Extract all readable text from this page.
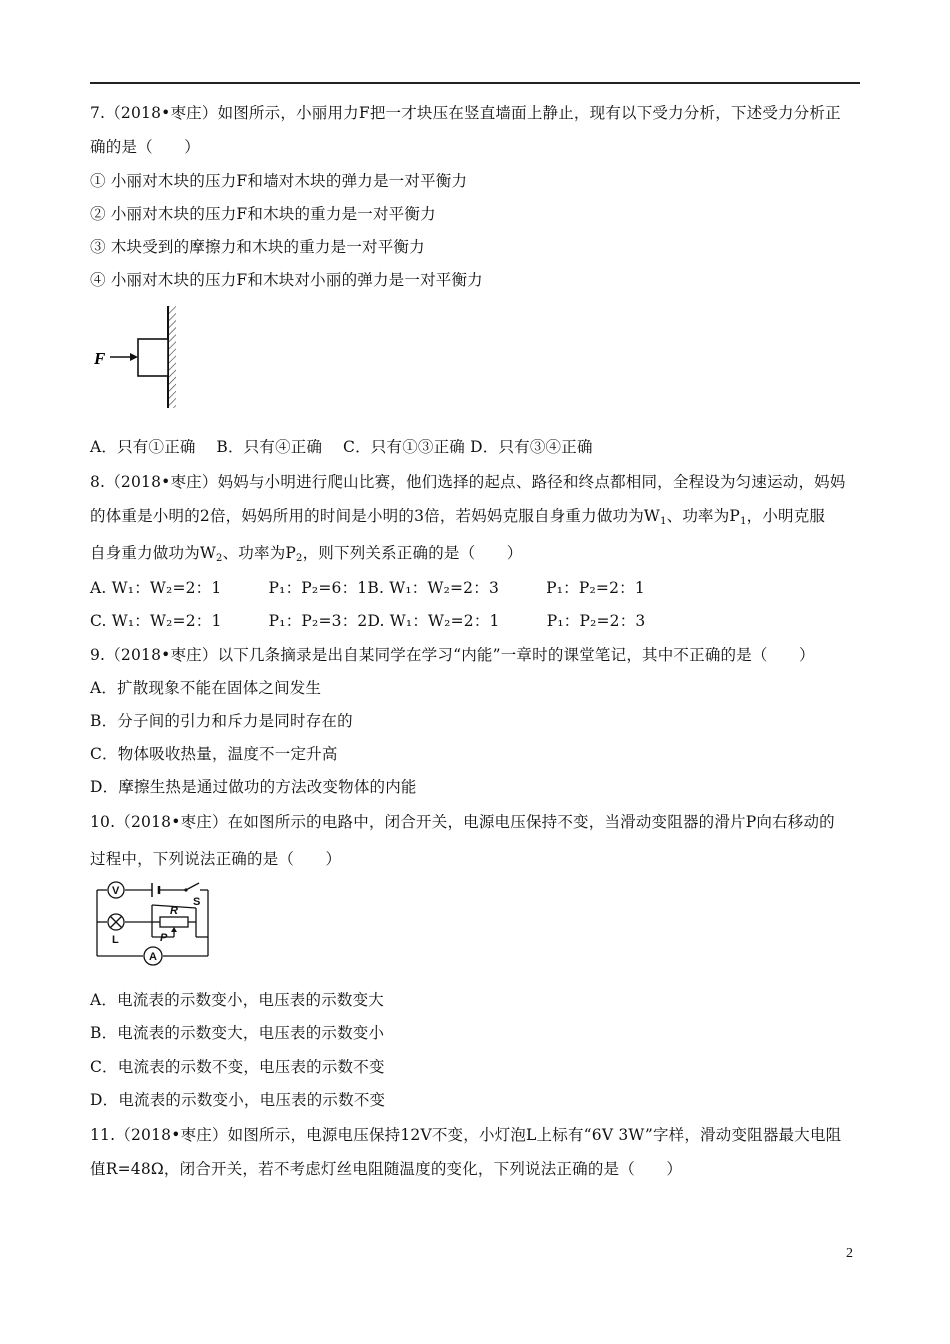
7.（2018•枣庄）如图所示，小丽用力F把一才块压在竖直墙面上静止，现有以下受力分析，下述受力分析正
确的是（　　）
① 小丽对木块的压力F和墙对木块的弹力是一对平衡力
② 小丽对木块的压力F和木块的重力是一对平衡力
③ 木块受到的摩擦力和木块的重力是一对平衡力
④ 小丽对木块的压力F和木块对小丽的弹力是一对平衡力
F
A．只有①正确　 B．只有④正确　 C．只有①③正确 D．只有③④正确
8.（2018•枣庄）妈妈与小明进行爬山比赛，他们选择的起点、路径和终点都相同，全程设为匀速运动，妈妈
的体重是小明的2倍，妈妈所用的时间是小明的3倍，若妈妈克服自身重力做功为$W_1$、功率为$P_1$，小明克服
自身重力做功为$W_2$、功率为$P_2$，则下列关系正确的是（　　）
A. W₁：W₂=2：1　　　P₁：P₂=6：1B. W₁：W₂=2：3　　　P₁：P₂=2：1
C. W₁：W₂=2：1　　　P₁：P₂=3：2D. W₁：W₂=2：1　　　P₁：P₂=2：3
9.（2018•枣庄）以下几条摘录是出自某同学在学习“内能”一章时的课堂笔记，其中不正确的是（　　）
A．扩散现象不能在固体之间发生
B．分子间的引力和斥力是同时存在的
C．物体吸收热量，温度不一定升高
D．摩擦生热是通过做功的方法改变物体的内能
10.（2018•枣庄）在如图所示的电路中，闭合开关，电源电压保持不变，当滑动变阻器的滑片P向右移动的
过程中，下列说法正确的是（　　）
V
S
R
L	P
A
A．电流表的示数变小，电压表的示数变大
B．电流表的示数变大，电压表的示数变小
C．电流表的示数不变，电压表的示数不变
D．电流表的示数变小，电压表的示数不变
11.（2018•枣庄）如图所示，电源电压保持12V不变，小灯泡L上标有“6V 3W”字样，滑动变阻器最大电阻
值R=48Ω，闭合开关，若不考虑灯丝电阻随温度的变化，下列说法正确的是（　　）
2
